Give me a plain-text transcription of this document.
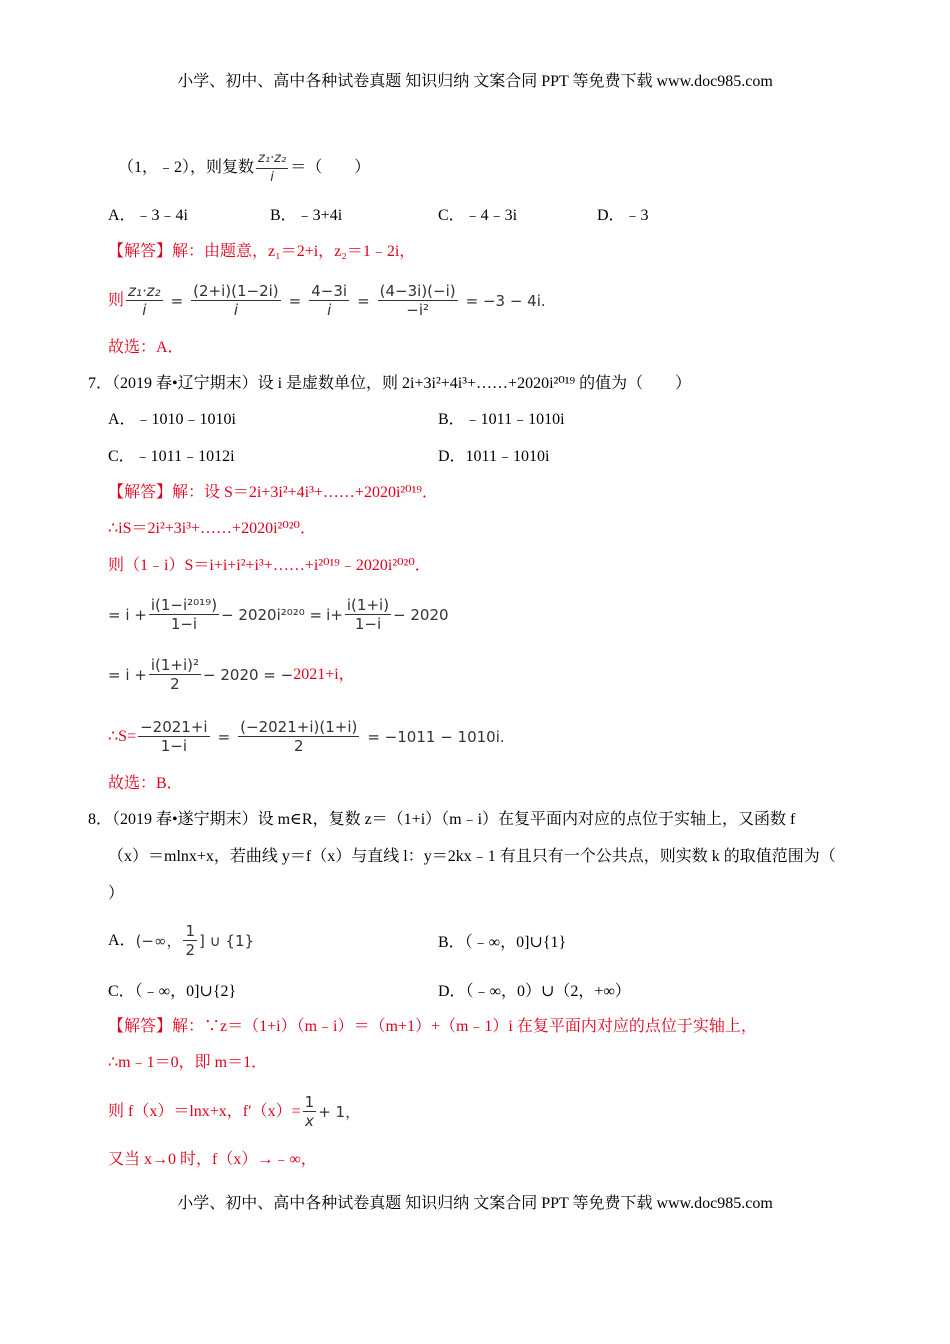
小学、初中、高中各种试卷真题 知识归纳 文案合同 PPT 等免费下载 www.doc985.com
（1，﹣2），则复数 $\frac{\text{z₁·z₂}}{i}$ ＝（　　）
A．﹣3﹣4i	B．﹣3+4i	C．﹣4﹣3i	D．﹣3
【解答】解：由题意，z₁＝2+i，z₂＝1﹣2i，
则 $\frac{\text{z₁·z₂}}{i} = \frac{(2+i)(1-2i)}{i} = \frac{4-3i}{i} = \frac{(4-3i)(-i)}{\text{−i²}} = -3 - 4i$.
故选：A．
7．（2019 春•辽宁期末）设 i 是虚数单位，则 2i+3i²+4i³+……+2020i²⁰¹⁹ 的值为（　　）
A．﹣1010﹣1010i	B．﹣1011﹣1010i
C．﹣1011﹣1012i	D．1011﹣1010i
【解答】解：设 S＝2i+3i²+4i³+……+2020i²⁰¹⁹．
∴iS＝2i²+3i³+……+2020i²⁰²⁰．
则（1﹣i）S＝i+i+i²+i³+……+i²⁰¹⁹﹣2020i²⁰²⁰．
= $i + \frac{\text{i(1−i²⁰¹⁹)}}{1-i} - 2020i^{2020} = i+ \frac{i(1+i)}{1-i} - 2020$
= $i + \frac{\text{i(1+i)²}}{2} - 2020$ = − 2021+i，
∴S= $\frac{-2021+i}{1-i} = \frac{(-2021+i)(1+i)}{2} = -1011 - 1010i$.
故选：B．
8．（2019 春•遂宁期末）设 m∈R，复数 z＝（1+i）（m﹣i）在复平面内对应的点位于实轴上，又函数 f
（x）＝mlnx+x，若曲线 y＝f（x）与直线 l：y＝2kx﹣1 有且只有一个公共点，则实数 k 的取值范围为（
）
A． (−∞， $\frac{1}{2}$ ] ∪ {1}	B．（﹣∞，0]∪{1}
C．（﹣∞，0]∪{2}	D．（﹣∞，0）∪（2，+∞）
【解答】解：∵z＝（1+i）（m﹣i）＝（m+1）+（m﹣1）i 在复平面内对应的点位于实轴上，
∴m﹣1＝0，即 m＝1．
则 f（x）＝lnx+x，$f'(x)= \frac{1}{x} + 1$，
又当 x→0 时，f（x）→﹣∞，
小学、初中、高中各种试卷真题 知识归纳 文案合同 PPT 等免费下载 www.doc985.com
